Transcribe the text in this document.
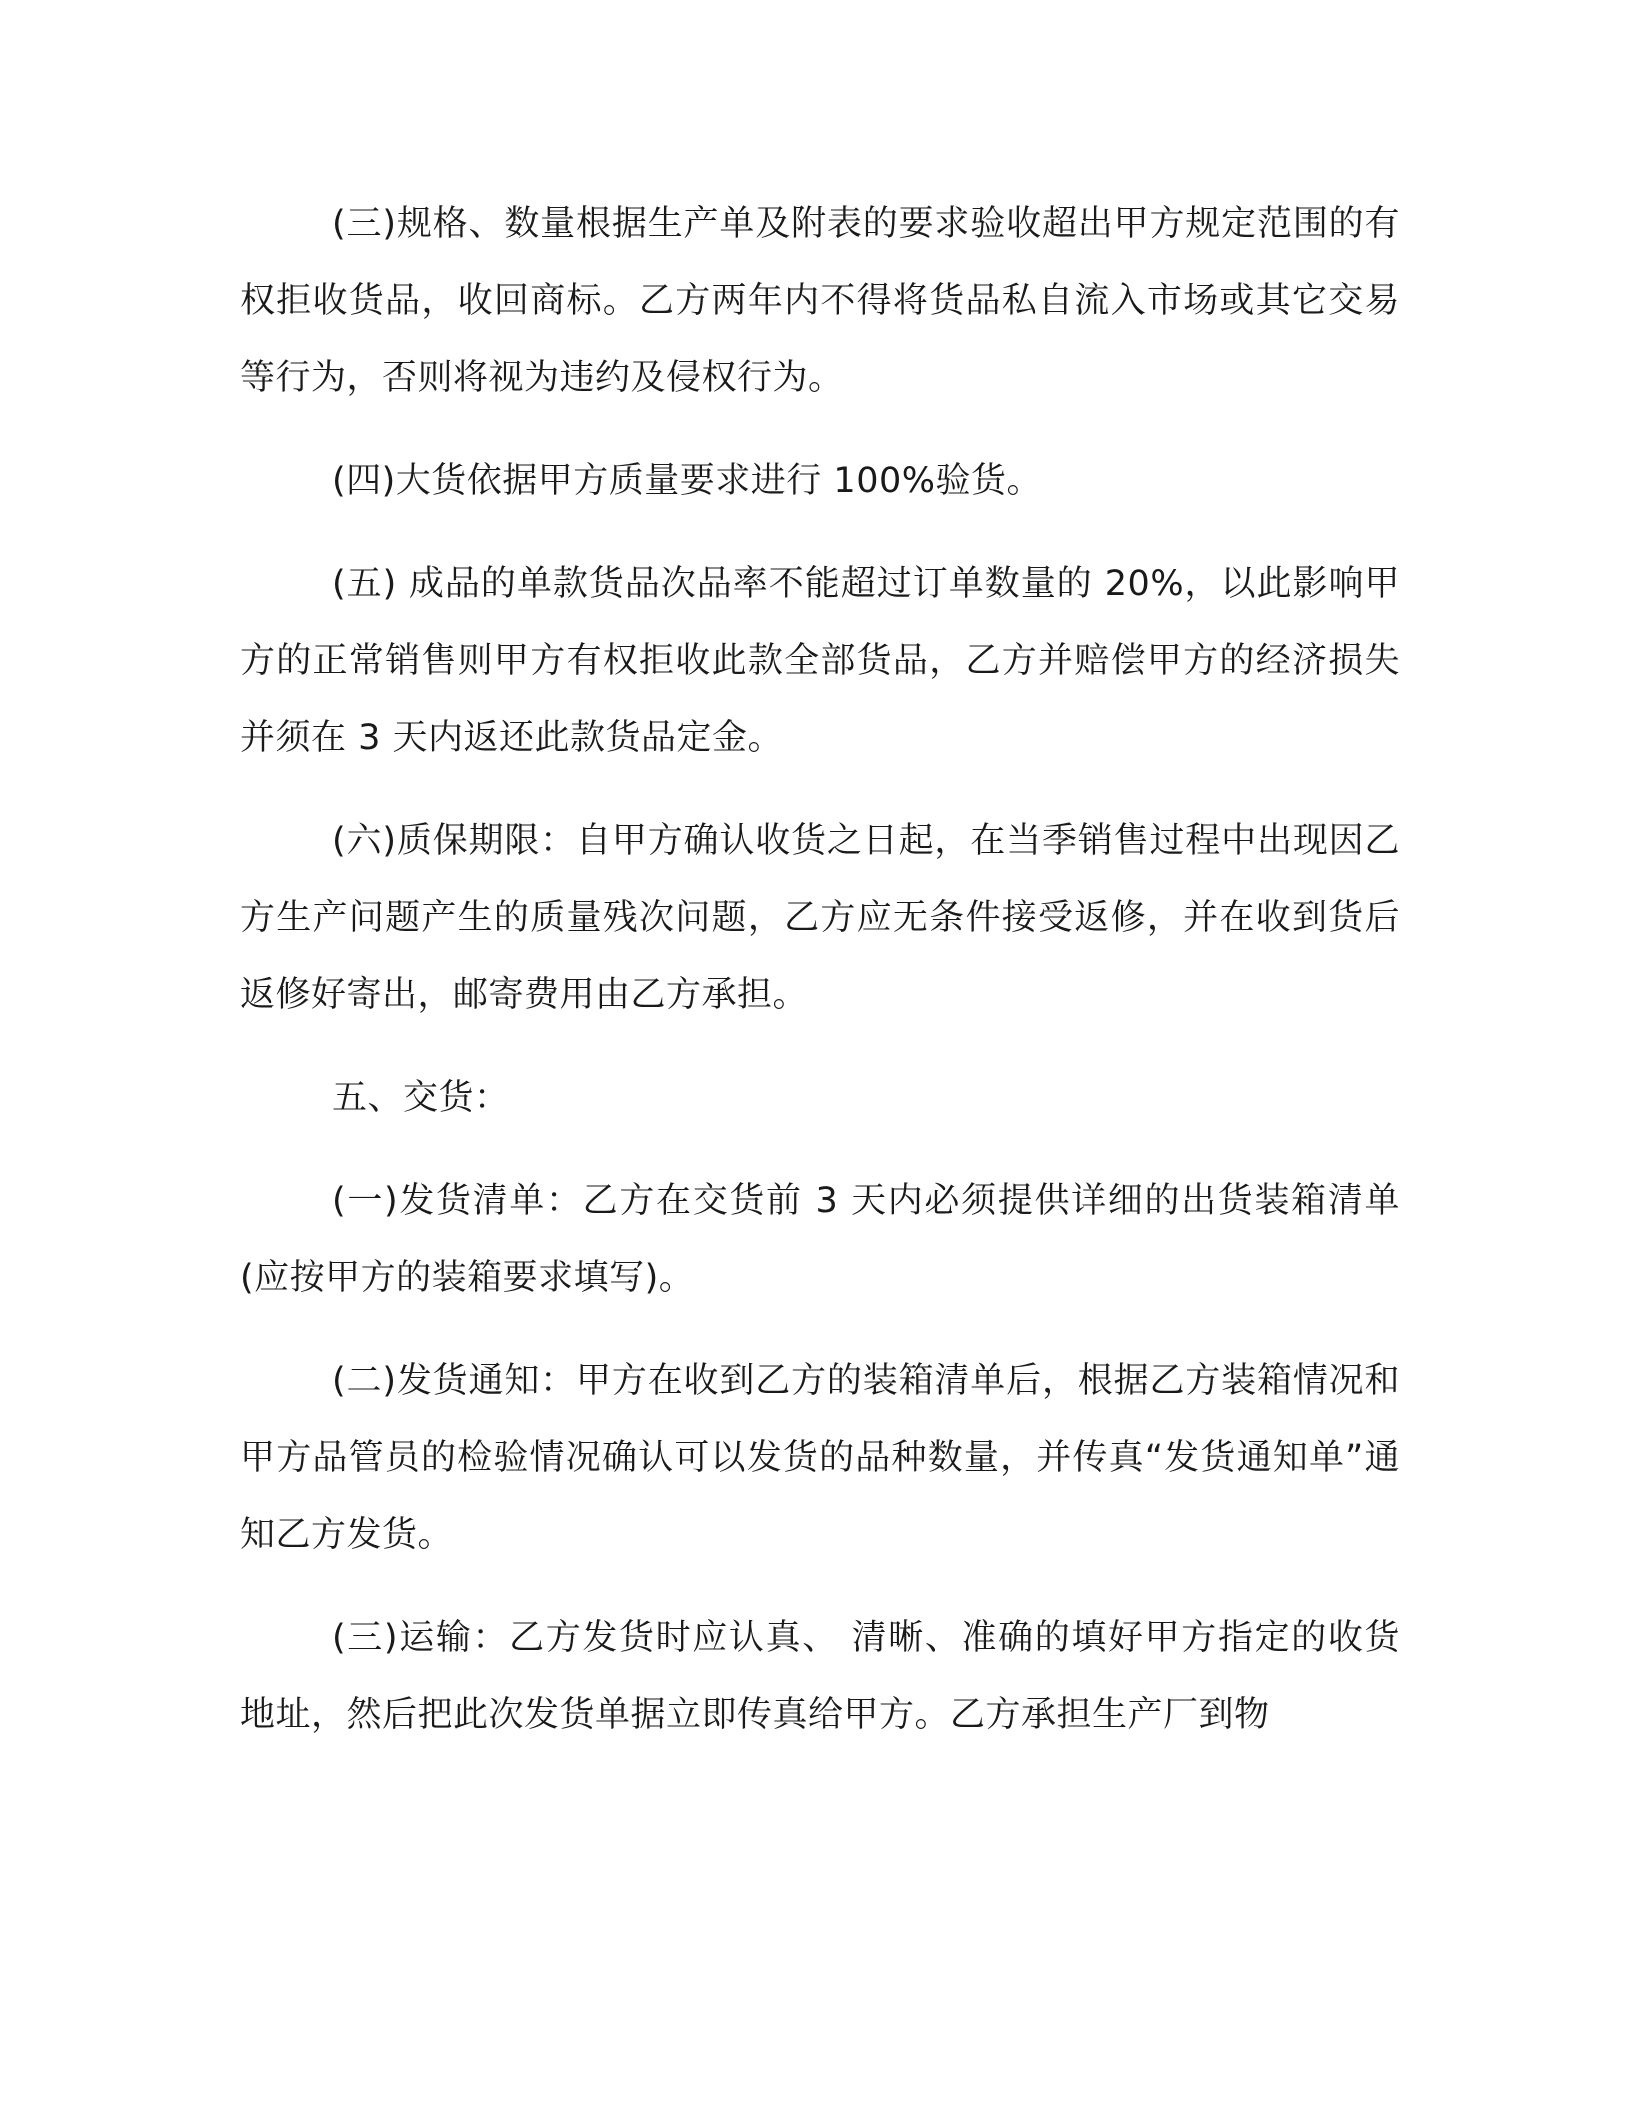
(三)规格、数量根据生产单及附表的要求验收超出甲方规定范围的有权拒收货品，收回商标。乙方两年内不得将货品私自流入市场或其它交易等行为，否则将视为违约及侵权行为。

(四)大货依据甲方质量要求进行 100%验货。

(五) 成品的单款货品次品率不能超过订单数量的 20%，以此影响甲方的正常销售则甲方有权拒收此款全部货品，乙方并赔偿甲方的经济损失并须在 3 天内返还此款货品定金。

(六)质保期限：自甲方确认收货之日起，在当季销售过程中出现因乙方生产问题产生的质量残次问题，乙方应无条件接受返修，并在收到货后返修好寄出，邮寄费用由乙方承担。

五、交货：

(一)发货清单：乙方在交货前 3 天内必须提供详细的出货装箱清单(应按甲方的装箱要求填写)。

(二)发货通知：甲方在收到乙方的装箱清单后，根据乙方装箱情况和甲方品管员的检验情况确认可以发货的品种数量，并传真“发货通知单”通知乙方发货。

(三)运输：乙方发货时应认真、 清晰、准确的填好甲方指定的收货地址，然后把此次发货单据立即传真给甲方。乙方承担生产厂到物
